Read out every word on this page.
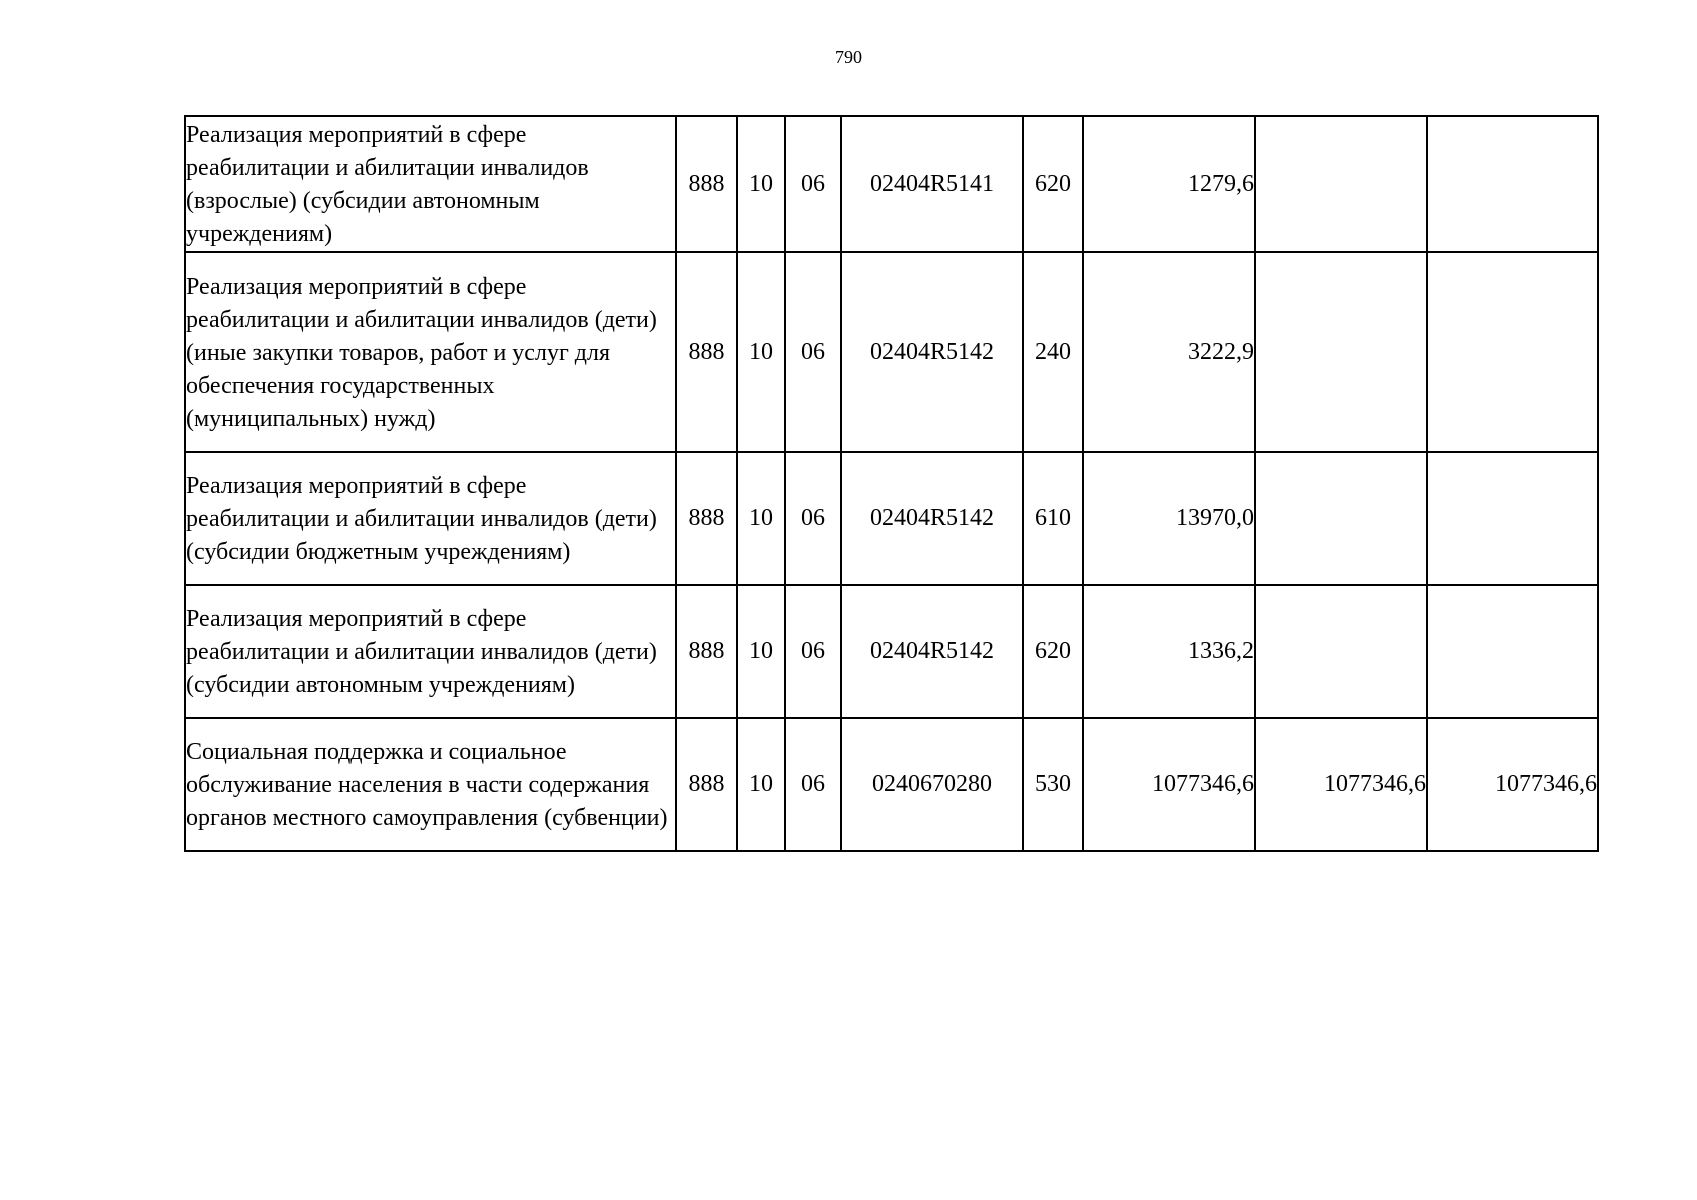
790
Реализация мероприятий в сфере реабилитации и абилитации инвалидов (взрослые) (субсидии автономным учреждениям)	888	10	06	02404R5141	620	1279,6		

Реализация мероприятий в сфере реабилитации и абилитации инвалидов (дети) (иные закупки товаров, работ и услуг для обеспечения государственных (муниципальных) нужд)	888	10	06	02404R5142	240	3222,9		

Реализация мероприятий в сфере реабилитации и абилитации инвалидов (дети) (субсидии бюджетным учреждениям)	888	10	06	02404R5142	610	13970,0		

Реализация мероприятий в сфере реабилитации и абилитации инвалидов (дети) (субсидии автономным учреждениям)	888	10	06	02404R5142	620	1336,2		

Социальная поддержка и социальное обслуживание населения в части содержания органов местного самоуправления (субвенции)	888	10	06	0240670280	530	1077346,6	1077346,6	1077346,6
